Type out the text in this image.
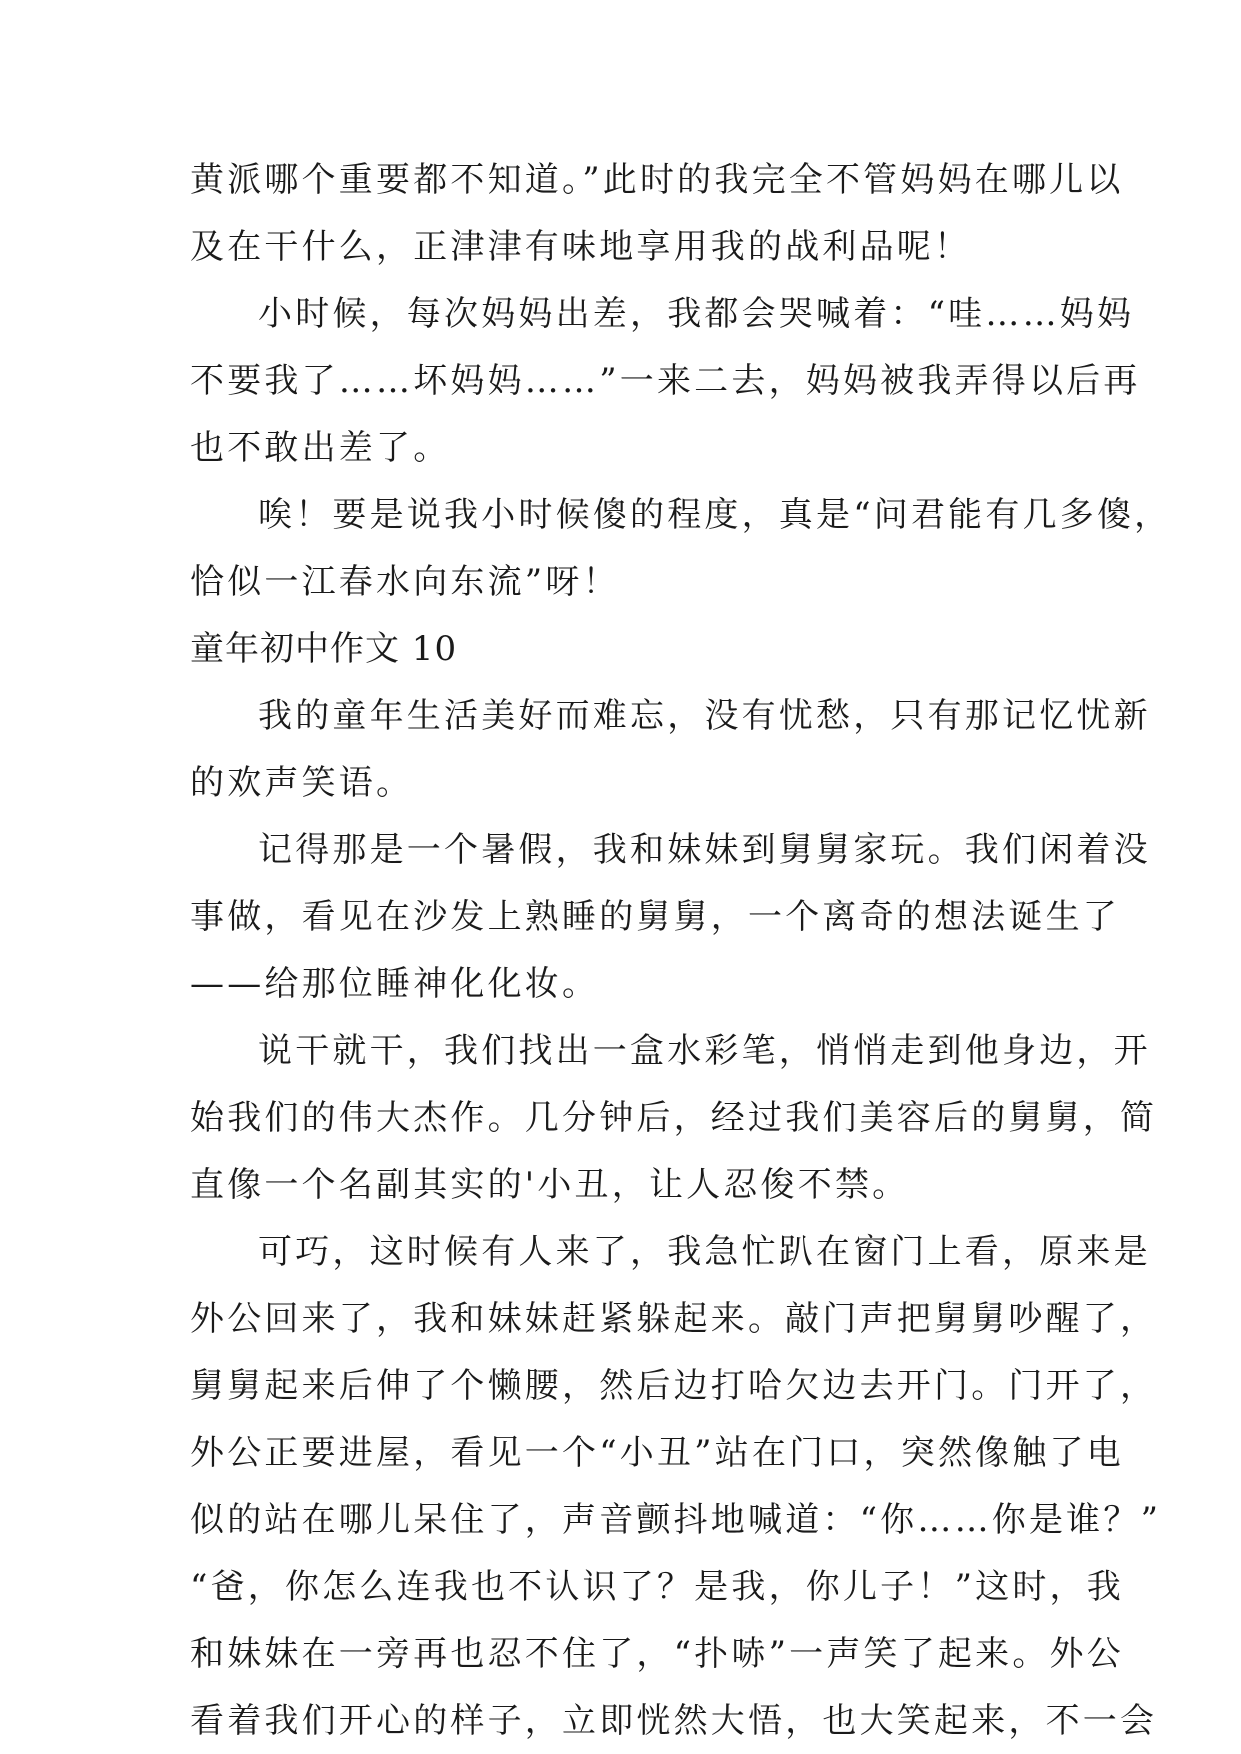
黄派哪个重要都不知道。”此时的我完全不管妈妈在哪儿以
及在干什么，正津津有味地享用我的战利品呢！
小时候，每次妈妈出差，我都会哭喊着：“哇……妈妈
不要我了……坏妈妈……”一来二去，妈妈被我弄得以后再
也不敢出差了。
唉！要是说我小时候傻的程度，真是“问君能有几多傻，
恰似一江春水向东流”呀！
童年初中作文 10
我的童年生活美好而难忘，没有忧愁，只有那记忆忧新
的欢声笑语。
记得那是一个暑假，我和妹妹到舅舅家玩。我们闲着没
事做，看见在沙发上熟睡的舅舅，一个离奇的想法诞生了
——给那位睡神化化妆。
说干就干，我们找出一盒水彩笔，悄悄走到他身边，开
始我们的伟大杰作。几分钟后，经过我们美容后的舅舅，简
直像一个名副其实的'小丑，让人忍俊不禁。
可巧，这时候有人来了，我急忙趴在窗门上看，原来是
外公回来了，我和妹妹赶紧躲起来。敲门声把舅舅吵醒了，
舅舅起来后伸了个懒腰，然后边打哈欠边去开门。门开了，
外公正要进屋，看见一个“小丑”站在门口，突然像触了电
似的站在哪儿呆住了，声音颤抖地喊道：“你……你是谁？”
“爸，你怎么连我也不认识了？是我，你儿子！”这时，我
和妹妹在一旁再也忍不住了，“扑哧”一声笑了起来。外公
看着我们开心的样子，立即恍然大悟，也大笑起来，不一会
